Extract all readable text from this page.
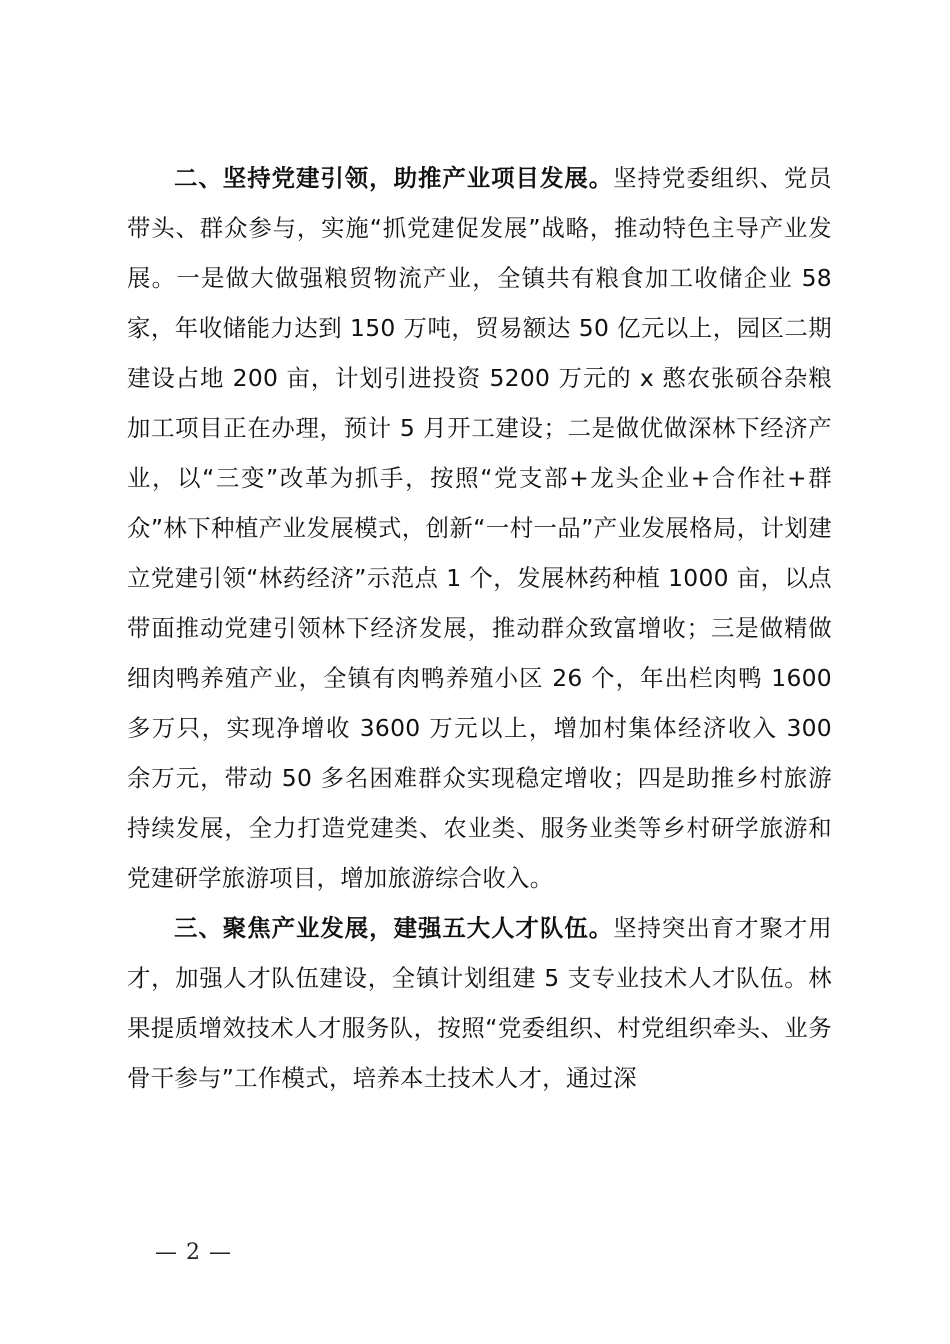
二、坚持党建引领，助推产业项目发展。坚持党委组织、党员带头、群众参与，实施“抓党建促发展”战略，推动特色主导产业发展。一是做大做强粮贸物流产业，全镇共有粮食加工收储企业 58 家，年收储能力达到 150 万吨，贸易额达 50 亿元以上，园区二期建设占地 200 亩，计划引进投资 5200 万元的 x 憨农张硕谷杂粮加工项目正在办理，预计 5 月开工建设；二是做优做深林下经济产业，以“三变”改革为抓手，按照“党支部+龙头企业+合作社+群众”林下种植产业发展模式，创新“一村一品”产业发展格局，计划建立党建引领“林药经济”示范点 1 个，发展林药种植 1000 亩，以点带面推动党建引领林下经济发展，推动群众致富增收；三是做精做细肉鸭养殖产业，全镇有肉鸭养殖小区 26 个，年出栏肉鸭 1600 多万只，实现净增收 3600 万元以上，增加村集体经济收入 300 余万元，带动 50 多名困难群众实现稳定增收；四是助推乡村旅游持续发展，全力打造党建类、农业类、服务业类等乡村研学旅游和党建研学旅游项目，增加旅游综合收入。

三、聚焦产业发展，建强五大人才队伍。坚持突出育才聚才用才，加强人才队伍建设，全镇计划组建 5 支专业技术人才队伍。林果提质增效技术人才服务队，按照“党委组织、村党组织牵头、业务骨干参与”工作模式，培养本土技术人才，通过深

— 2 —
